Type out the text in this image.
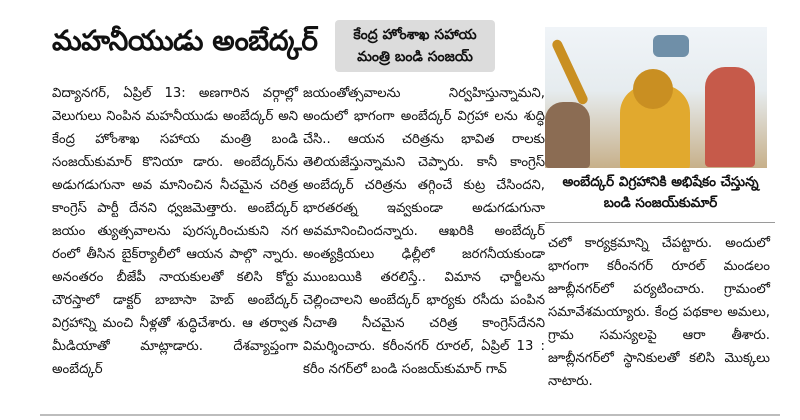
మహనీయుడు అంబేద్కర్	కేంద్ర హోంశాఖ సహాయ
మంత్రి బండి సంజయ్
అంబేద్కర్ విగ్రహానికి అభిషేకం చేస్తున్న
బండి సంజయ్‌కుమార్

విద్యానగర్, ఏప్రిల్ 13: అణగారిన వర్గాల్లో వెలుగులు నింపిన మహనీయుడు అంబేద్కర్ అని కేంద్ర హోంశాఖ సహాయ మంత్రి బండి సంజయ్‌కుమార్ కొనియా డారు. అంబేద్కర్‌ను అడుగడుగునా అవ మానించిన నీచమైన చరిత్ర కాంగ్రెస్ పార్టీ దేనని ధ్వజమెత్తారు. అంబేద్కర్ జయం త్యుత్సవాలను పురస్కరించుకుని నగ రంలో తీసిన బైక్‌ర్యాలీలో ఆయన పాల్గొ న్నారు. అనంతరం బీజేపీ నాయకులతో కలిసి కోర్టు చౌరస్తాలో డాక్టర్ బాబాసా హెబ్ అంబేద్కర్ విగ్రహాన్ని మంచి నీళ్లతో శుద్ధిచేశారు. ఆ తర్వాత మీడియాతో మాట్లాడారు. దేశవ్యాప్తంగా అంబేద్కర్

జయంతోత్సవాలను నిర్వహిస్తున్నామని, అందులో భాగంగా అంబేద్కర్ విగ్రహా లను శుద్ధి చేసి.. ఆయన చరిత్రను భావిత రాలకు తెలియజేస్తున్నామని చెప్పారు. కానీ కాంగ్రెస్ అంబేద్కర్ చరిత్రను తగ్గించే కుట్ర చేసిందని, భారతరత్న ఇవ్వకుండా అడుగడుగునా అవమానించిందన్నారు. ఆఖరికి అంబేద్కర్ అంత్యక్రియలు ఢిల్లీలో జరగనీయకుండా ముంబయికి తరలిస్తే.. విమాన ఛార్జీలను చెల్లించాలని అంబేద్కర్ భార్యకు రసీదు పంపిన నీచాతి నీచమైన చరిత్ర కాంగ్రెస్‌దేనని విమర్శించారు. కరీంనగర్ రూరల్, ఏప్రిల్ 13 : కరీం నగర్‌లో బండి సంజయ్‌కుమార్ గావ్

చలో కార్యక్రమాన్ని చేపట్టారు. అందులో భాగంగా కరీంనగర్ రూరల్ మండలం జూబ్లీనగర్‌లో పర్యటించారు. గ్రామంలో సమావేశమయ్యారు. కేంద్ర పథకాల అమలు, గ్రామ సమస్యలపై ఆరా తీశారు. జూబ్లీనగర్‌లో స్థానికులతో కలిసి మొక్కలు నాటారు.
